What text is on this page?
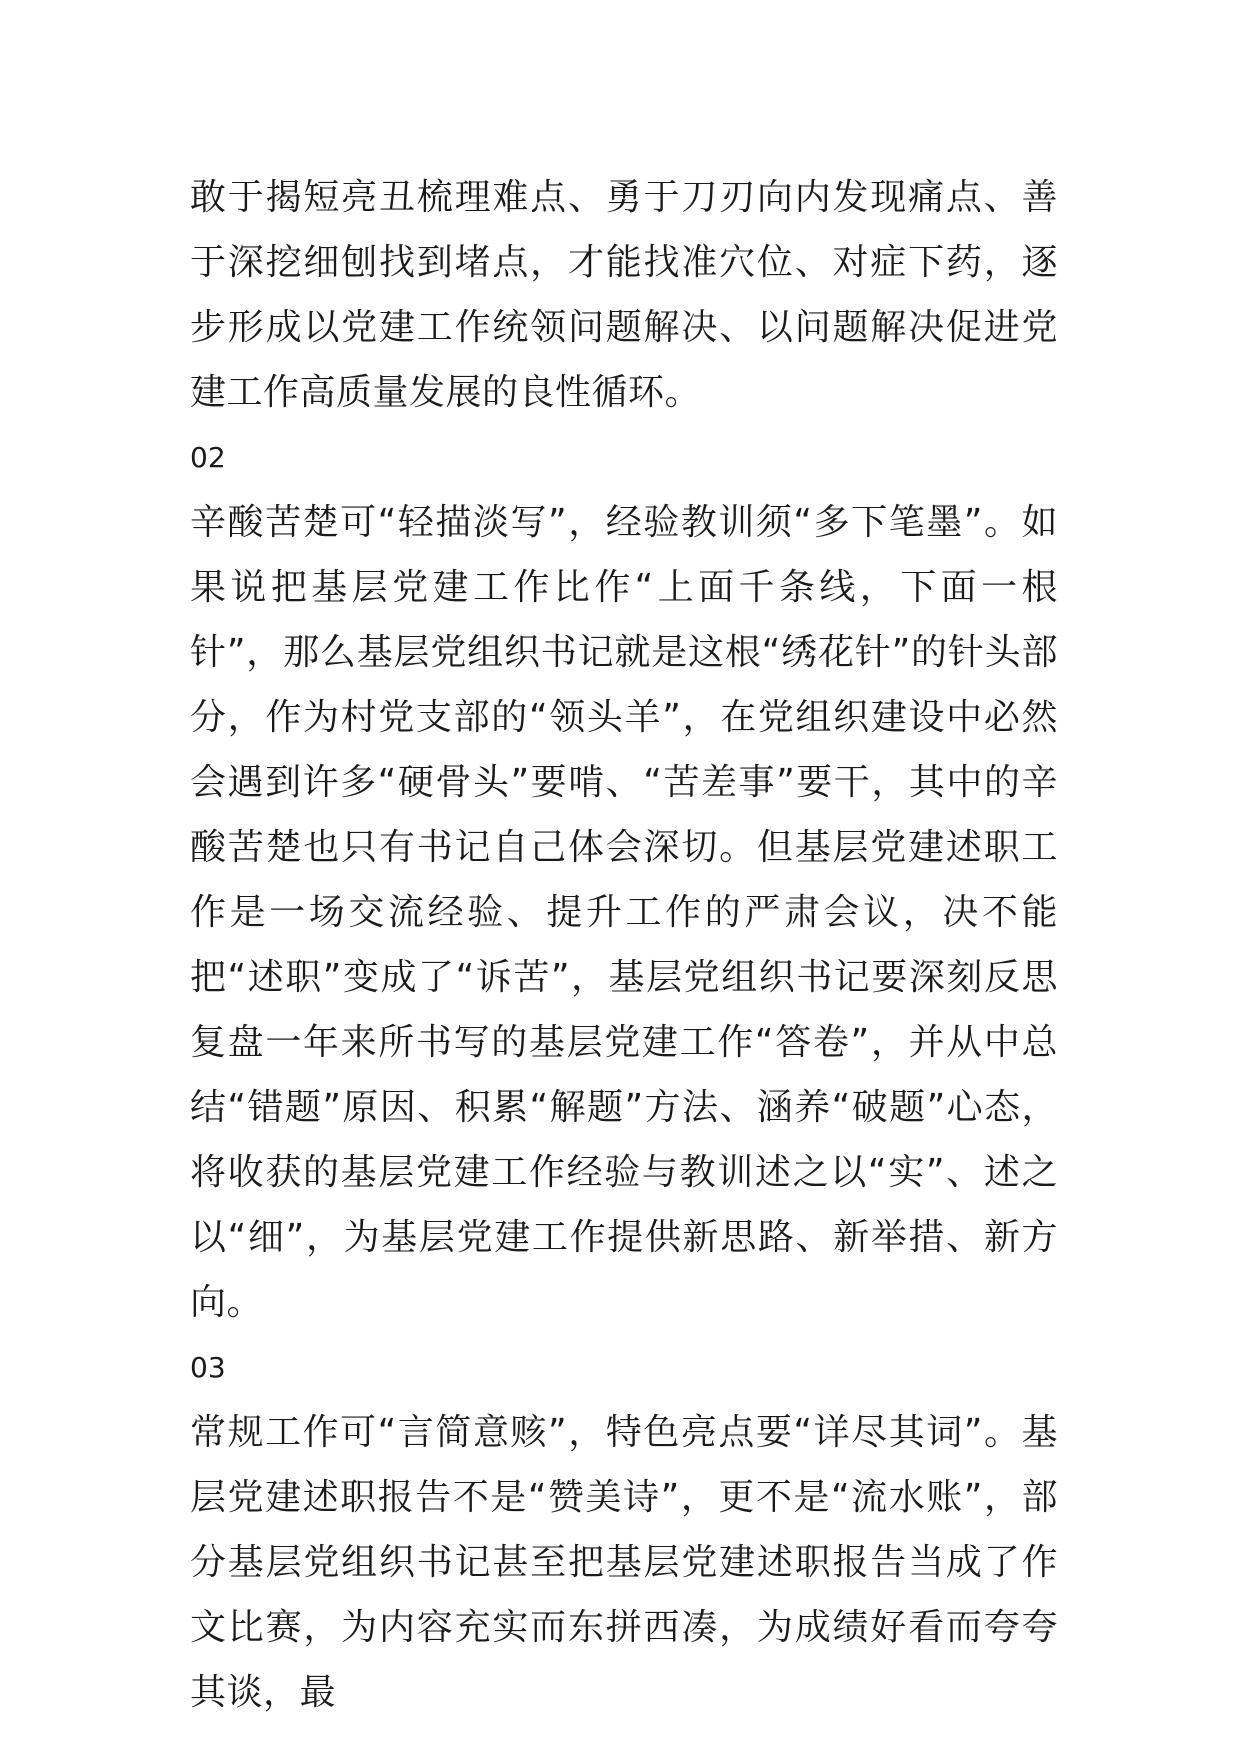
敢于揭短亮丑梳理难点、勇于刀刃向内发现痛点、善于深挖细刨找到堵点，才能找准穴位、对症下药，逐步形成以党建工作统领问题解决、以问题解决促进党建工作高质量发展的良性循环。

02

辛酸苦楚可“轻描淡写”，经验教训须“多下笔墨”。如果说把基层党建工作比作“上面千条线，下面一根针”，那么基层党组织书记就是这根“绣花针”的针头部分，作为村党支部的“领头羊”，在党组织建设中必然会遇到许多“硬骨头”要啃、“苦差事”要干，其中的辛酸苦楚也只有书记自己体会深切。但基层党建述职工作是一场交流经验、提升工作的严肃会议，决不能把“述职”变成了“诉苦”，基层党组织书记要深刻反思复盘一年来所书写的基层党建工作“答卷”，并从中总结“错题”原因、积累“解题”方法、涵养“破题”心态，将收获的基层党建工作经验与教训述之以“实”、述之以“细”，为基层党建工作提供新思路、新举措、新方向。

03

常规工作可“言简意赅”，特色亮点要“详尽其词”。基层党建述职报告不是“赞美诗”，更不是“流水账”，部分基层党组织书记甚至把基层党建述职报告当成了作文比赛，为内容充实而东拼西凑，为成绩好看而夸夸其谈，最
